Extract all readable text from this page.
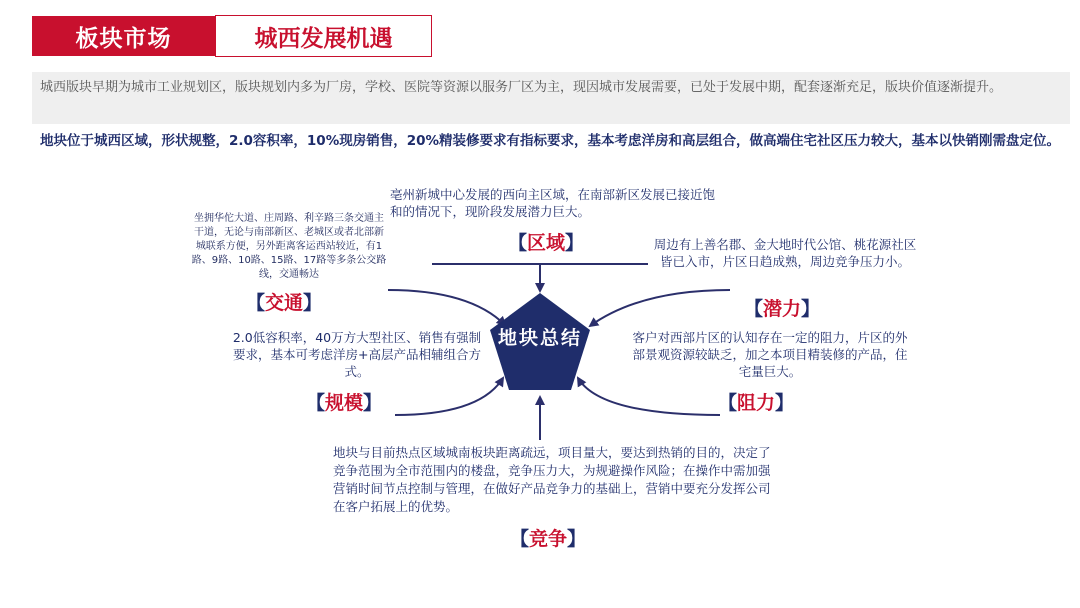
板块市场	城西发展机遇
城西版块早期为城市工业规划区，版块规划内多为厂房，学校、医院等资源以服务厂区为主，现因城市发展需要，已处于发展中期，配套逐渐充足，版块价值逐渐提升。
地块位于城西区域，形状规整，2.0容积率，10%现房销售，20%精装修要求有指标要求，基本考虑洋房和高层组合，做高端住宅社区压力较大，基本以快销刚需盘定位。
地块总结
亳州新城中心发展的西向主区域，在南部新区发展已接近饱和的情况下，现阶段发展潜力巨大。
【区域】
坐拥华佗大道、庄周路、利辛路三条交通主干道，无论与南部新区、老城区或者北部新城联系方便，另外距离客运西站较近，有1路、9路、10路、15路、17路等多条公交路线，交通畅达
【交通】
周边有上善名郡、金大地时代公馆、桃花源社区皆已入市，片区日趋成熟，周边竞争压力小。
【潜力】
2.0低容积率，40万方大型社区、销售有强制要求，基本可考虑洋房+高层产品相辅组合方式。
【规模】
客户对西部片区的认知存在一定的阻力，片区的外部景观资源较缺乏，加之本项目精装修的产品，住宅量巨大。
【阻力】
地块与目前热点区域城南板块距离疏远，项目量大，要达到热销的目的，决定了竞争范围为全市范围内的楼盘，竞争压力大，为规避操作风险；在操作中需加强营销时间节点控制与管理，在做好产品竞争力的基础上，营销中要充分发挥公司在客户拓展上的优势。
【竞争】
